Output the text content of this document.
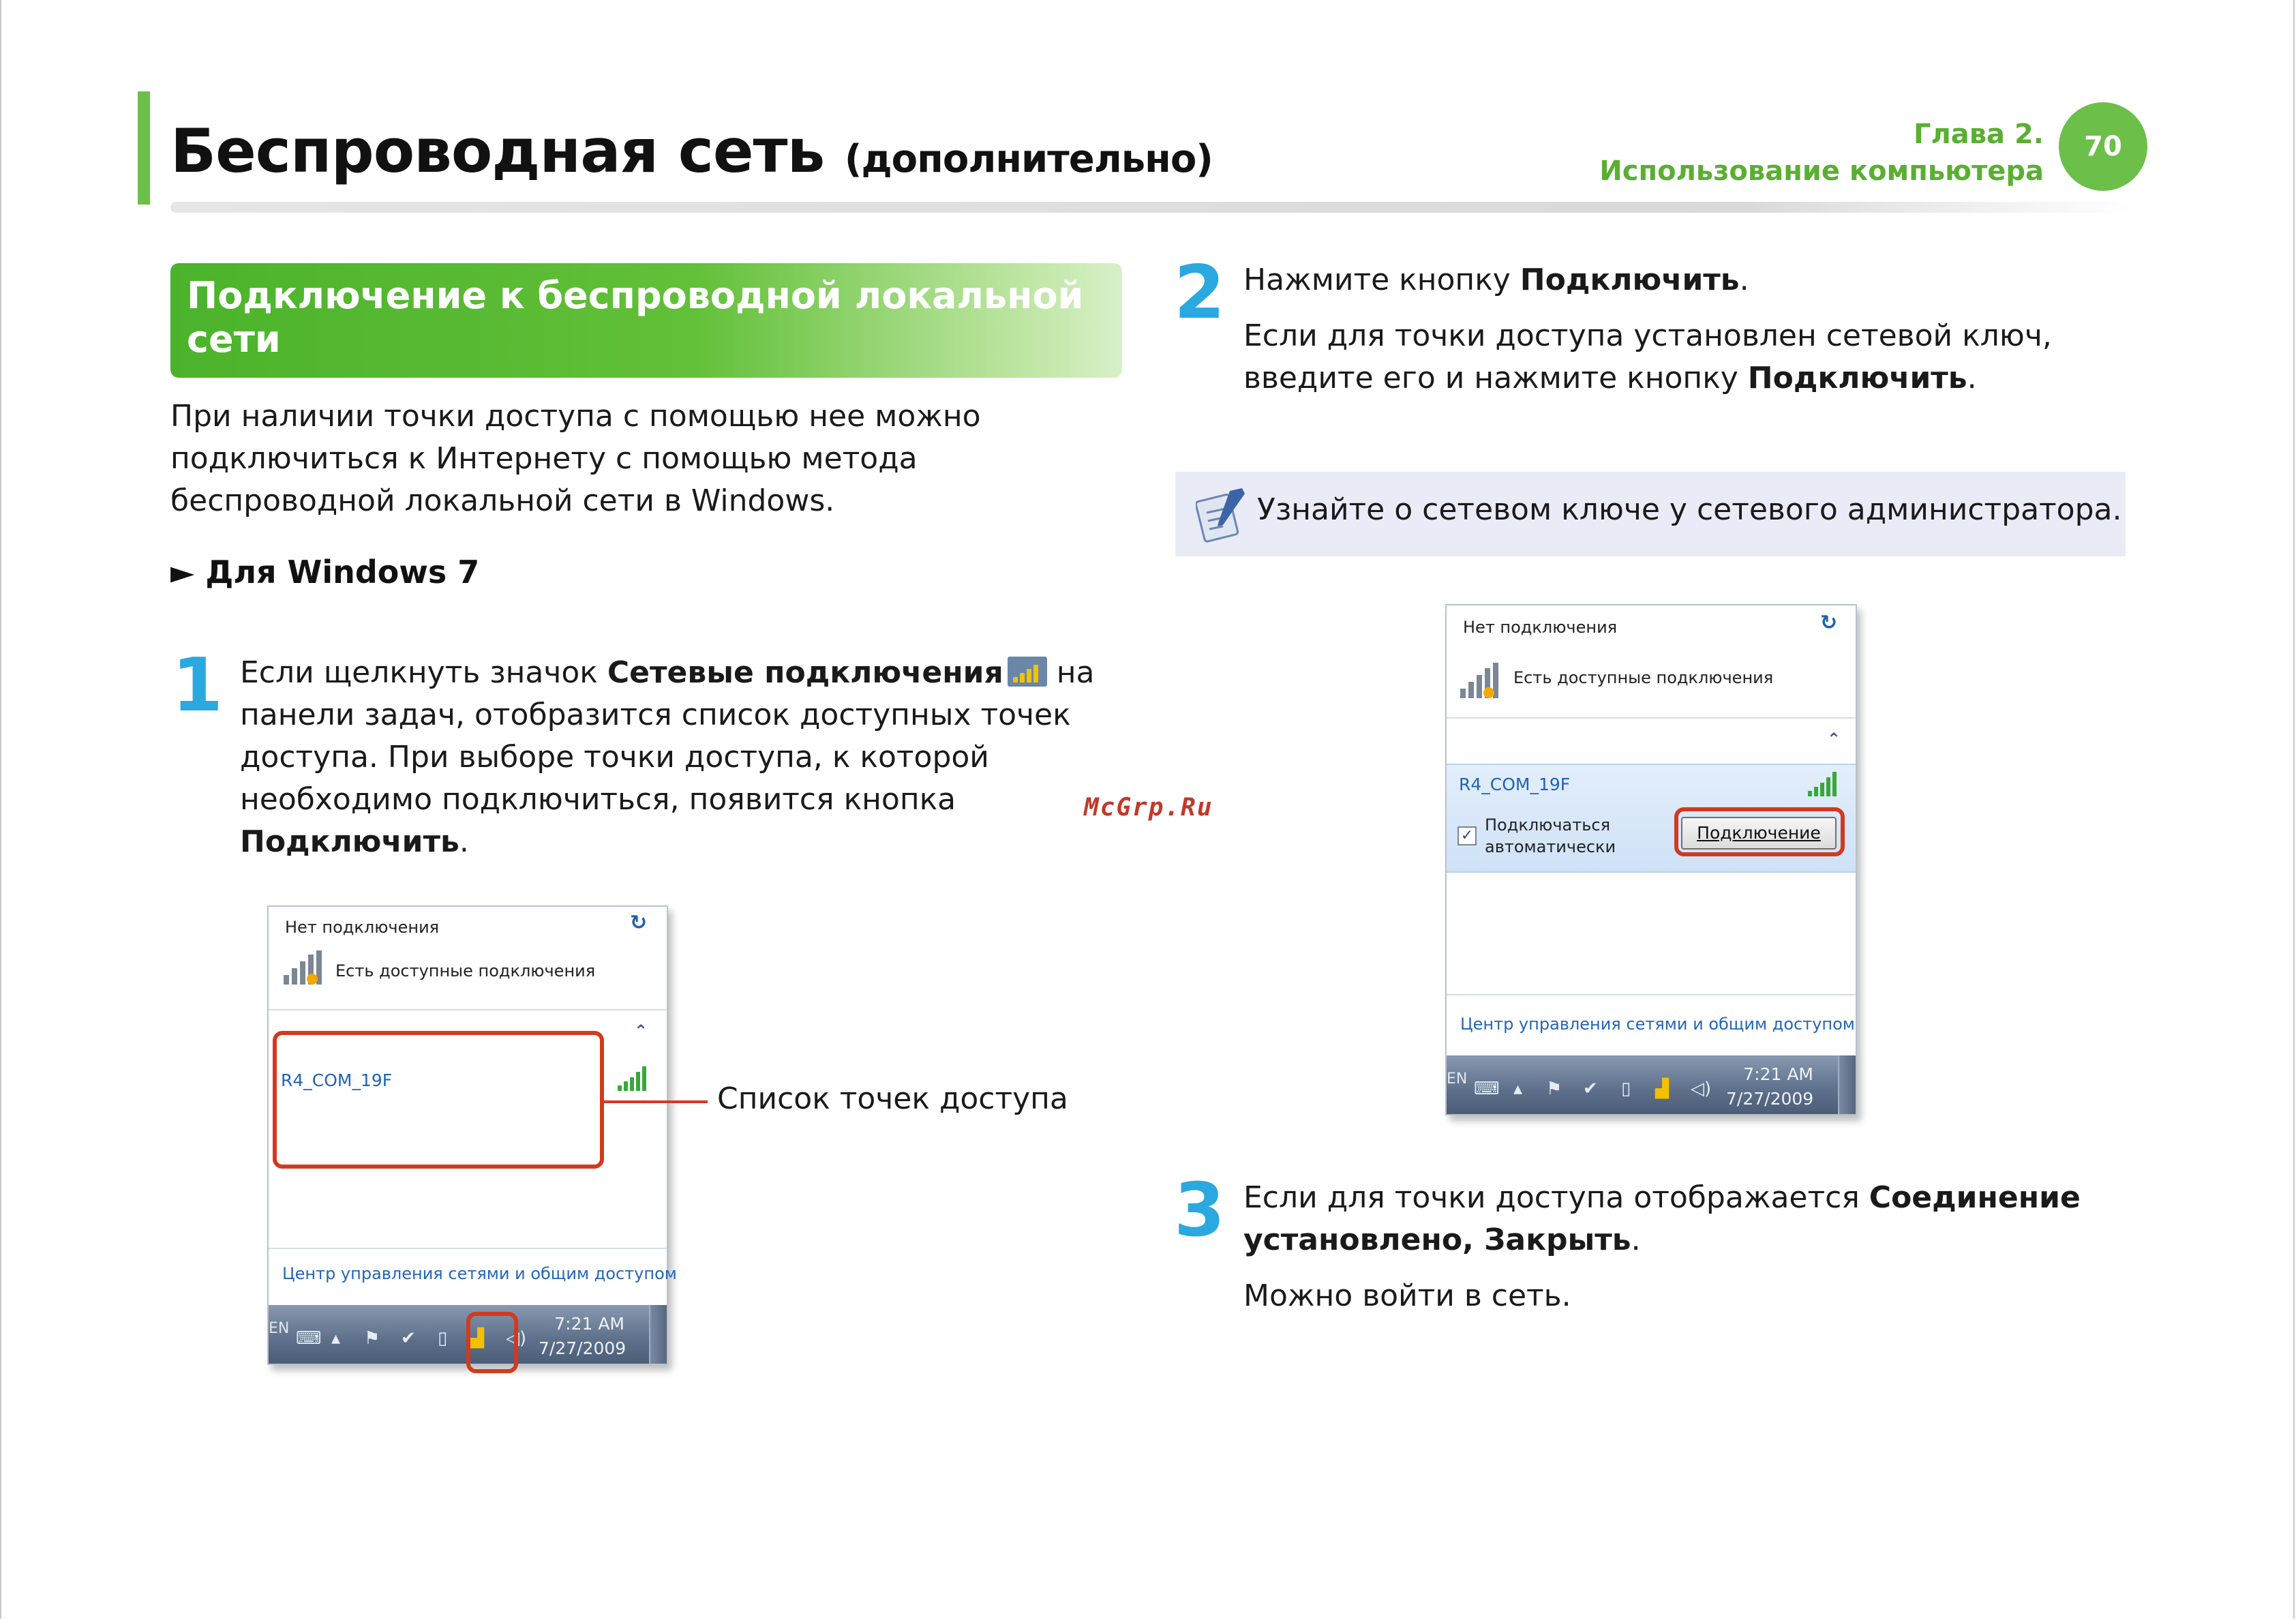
Беспроводная сеть (дополнительно)
Глава 2.
Использование компьютера
70
Подключение к беспроводной локальной сети
При наличии точки доступа с помощью нее можно подключиться к Интернету с помощью метода беспроводной локальной сети в Windows.
► Для Windows 7
1 Если щелкнуть значок Сетевые подключения
на панели задач, отобразится список доступных точек доступа. При выборе точки доступа, к которой необходимо подключиться, появится кнопка Подключить.
Нет подключения	↻
Есть доступные подключения
⌃
R4_COM_19F
Центр управления сетями и общим доступом
EN ⌨ ▴ ⚑ ✔ ▯ ▟ ◁)
7:21 AM
7/27/2009
Список точек доступа
2 Нажмите кнопку Подключить.
Если для точки доступа установлен сетевой ключ, введите его и нажмите кнопку Подключить.
Узнайте о сетевом ключе у сетевого администратора.
McGrp.Ru
Нет подключения	↻
Есть доступные подключения
⌃
R4_COM_19F
✓
Подключаться
автоматически
Подключение
Центр управления сетями и общим доступом
EN ⌨ ▴ ⚑ ✔ ▯ ▟ ◁)
7:21 AM
7/27/2009
3 Если для точки доступа отображается Соединение установлено, Закрыть.
Можно войти в сеть.
